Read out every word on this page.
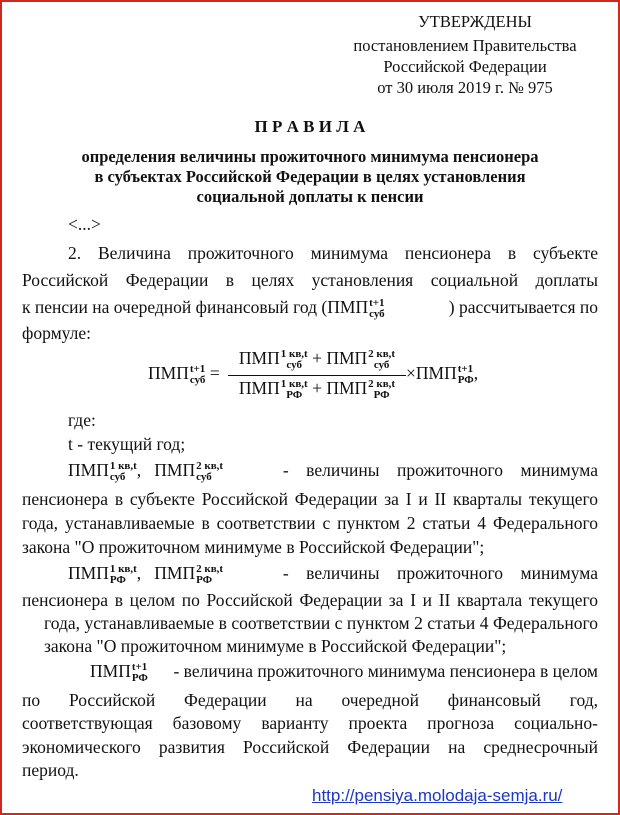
УТВЕРЖДЕНЫ
постановлением Правительства
Российской Федерации
от 30 июля 2019 г. № 975
П Р А В И Л А
определения величины прожиточного минимума пенсионера
в субъектах Российской Федерации в целях установления
социальной доплаты к пенсии
<...>
2. Величина прожиточного минимума пенсионера в субъекте
Российской Федерации в целях установления социальной доплаты
к пенсии на очередной финансовый год (ПМП t+1
суб	) рассчитывается по
формуле:
ПМП t+1
суб =
ПМП 1 кв,t
суб + ПМП 2 кв,t
суб
ПМП 1 кв,t
РФ + ПМП 2 кв,t
РФ
×ПМП t+1
РФ ,
где:
t - текущий год;
ПМП 1 кв,t
суб ,   ПМП 2 кв,t
суб	-    величины    прожиточного    минимума
пенсионера в субъекте Российской Федерации за I и II кварталы текущего
года, устанавливаемые в соответствии с пунктом 2 статьи 4 Федерального
закона "О прожиточном минимуме в Российской Федерации";
ПМП 1 кв,t
РФ ,   ПМП 2 кв,t
РФ	-    величины    прожиточного    минимума
пенсионера в целом по Российской Федерации за I и II квартала текущего
года, устанавливаемые в соответствии с пунктом 2 статьи 4 Федерального
закона "О прожиточном минимуме в Российской Федерации";
ПМП t+1
РФ - величина прожиточного минимума пенсионера в целом
по Российской Федерации на очередной финансовый год,
соответствующая базовому варианту проекта прогноза социально-
экономического развития Российской Федерации на среднесрочный
период.
http://pensiya.molodaja-semja.ru/
